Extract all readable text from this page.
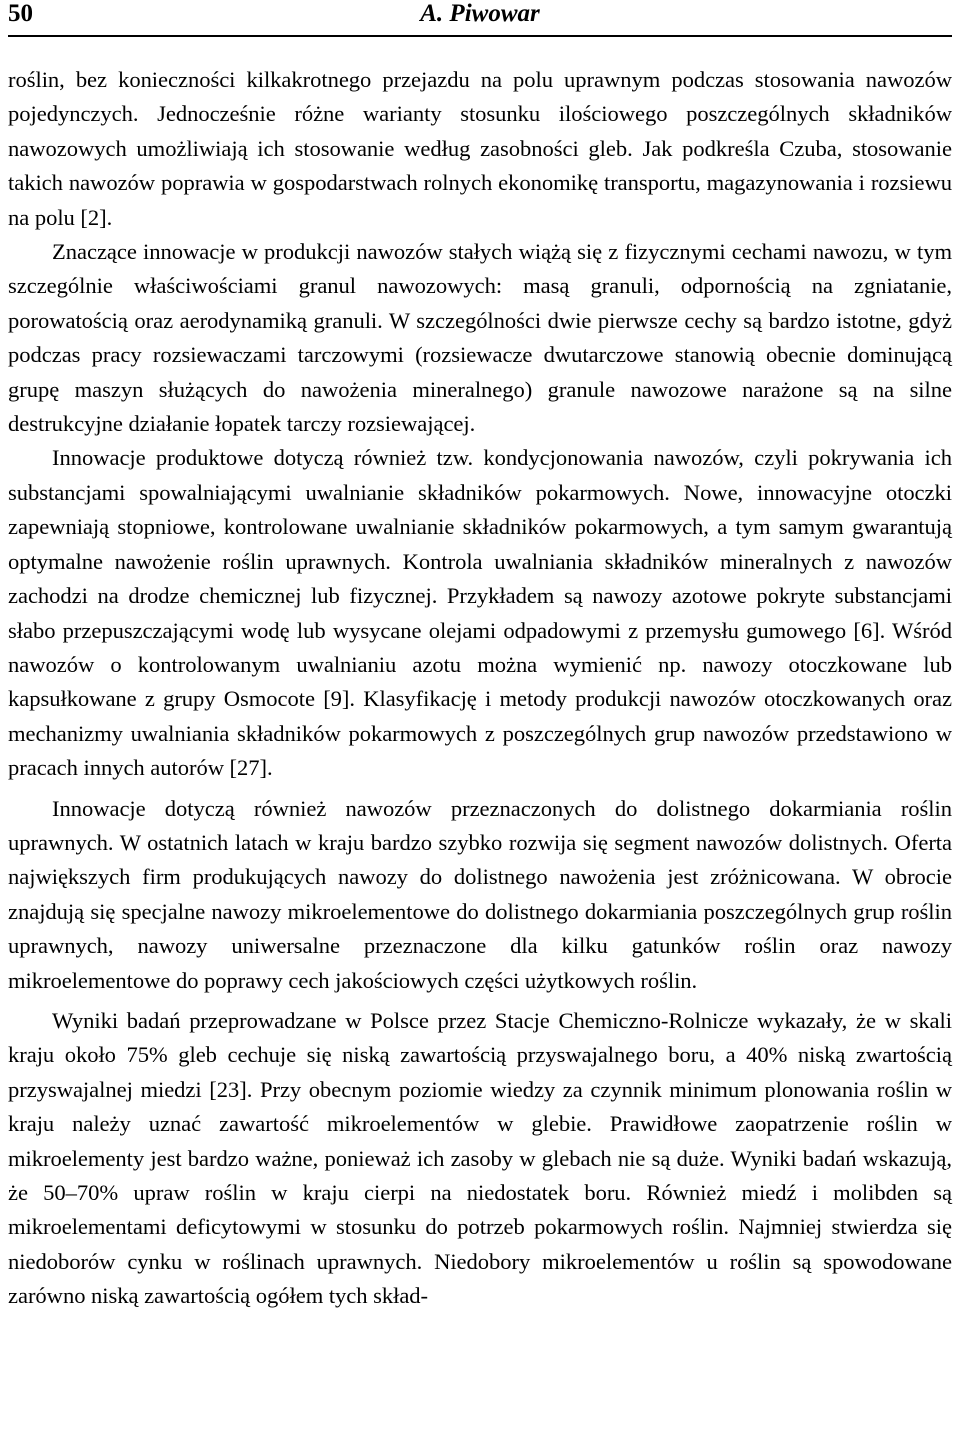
50	A. Piwowar

roślin, bez konieczności kilkakrotnego przejazdu na polu uprawnym podczas stosowania nawozów pojedynczych. Jednocześnie różne warianty stosunku ilościowego poszczególnych składników nawozowych umożliwiają ich stosowanie według zasobności gleb. Jak podkreśla Czuba, stosowanie takich nawozów poprawia w gospodarstwach rolnych ekonomikę transportu, magazynowania i rozsiewu na polu [2].

Znaczące innowacje w produkcji nawozów stałych wiążą się z fizycznymi cechami nawozu, w tym szczególnie właściwościami granul nawozowych: masą granuli, odpornością na zgniatanie, porowatością oraz aerodynamiką granuli. W szczególności dwie pierwsze cechy są bardzo istotne, gdyż podczas pracy rozsiewaczami tarczowymi (rozsiewacze dwutarczowe stanowią obecnie dominującą grupę maszyn służących do nawożenia mineralnego) granule nawozowe narażone są na silne destrukcyjne działanie łopatek tarczy rozsiewającej.

Innowacje produktowe dotyczą również tzw. kondycjonowania nawozów, czyli pokrywania ich substancjami spowalniającymi uwalnianie składników pokarmowych. Nowe, innowacyjne otoczki zapewniają stopniowe, kontrolowane uwalnianie składników pokarmowych, a tym samym gwarantują optymalne nawożenie roślin uprawnych. Kontrola uwalniania składników mineralnych z nawozów zachodzi na drodze chemicznej lub fizycznej. Przykładem są nawozy azotowe pokryte substancjami słabo przepuszczającymi wodę lub wysycane olejami odpadowymi z przemysłu gumowego [6]. Wśród nawozów o kontrolowanym uwalnianiu azotu można wymienić np. nawozy otoczkowane lub kapsułkowane z grupy Osmocote [9]. Klasyfikację i metody produkcji nawozów otoczkowanych oraz mechanizmy uwalniania składników pokarmowych z poszczególnych grup nawozów przedstawiono w pracach innych autorów [27].

Innowacje dotyczą również nawozów przeznaczonych do dolistnego dokarmiania roślin uprawnych. W ostatnich latach w kraju bardzo szybko rozwija się segment nawozów dolistnych. Oferta największych firm produkujących nawozy do dolistnego nawożenia jest zróżnicowana. W obrocie znajdują się specjalne nawozy mikroelementowe do dolistnego dokarmiania poszczególnych grup roślin uprawnych, nawozy uniwersalne przeznaczone dla kilku gatunków roślin oraz nawozy mikroelementowe do poprawy cech jakościowych części użytkowych roślin.

Wyniki badań przeprowadzane w Polsce przez Stacje Chemiczno-Rolnicze wykazały, że w skali kraju około 75% gleb cechuje się niską zawartością przyswajalnego boru, a 40% niską zwartością przyswajalnej miedzi [23]. Przy obecnym poziomie wiedzy za czynnik minimum plonowania roślin w kraju należy uznać zawartość mikroelementów w glebie. Prawidłowe zaopatrzenie roślin w mikroelementy jest bardzo ważne, ponieważ ich zasoby w glebach nie są duże. Wyniki badań wskazują, że 50–70% upraw roślin w kraju cierpi na niedostatek boru. Również miedź i molibden są mikroelementami deficytowymi w stosunku do potrzeb pokarmowych roślin. Najmniej stwierdza się niedoborów cynku w roślinach uprawnych. Niedobory mikroelementów u roślin są spowodowane zarówno niską zawartością ogółem tych skład-
